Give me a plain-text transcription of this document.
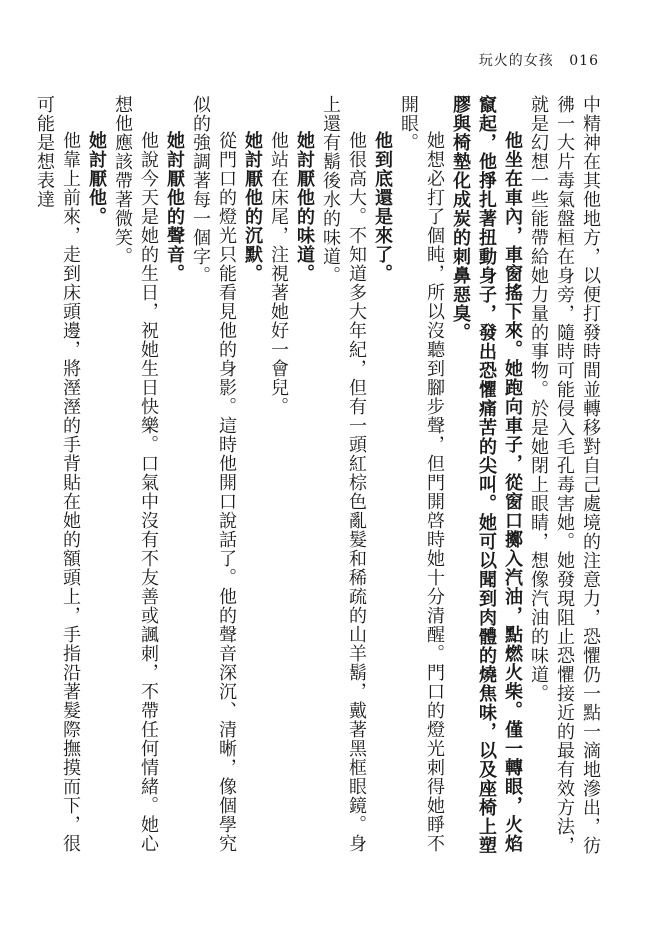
玩火的女孩 016

中精神在其他地方，以便打發時間並轉移對自己處境的注意力，恐懼仍一點一滴地滲出，彷彿一大片毒氣盤桓在身旁，隨時可能侵入毛孔毒害她。她發現阻止恐懼接近的最有效方法，就是幻想一些能帶給她力量的事物。於是她閉上眼睛，想像汽油的味道。

他坐在車內，車窗搖下來。她跑向車子，從窗口擲入汽油，點燃火柴。僅一轉眼，火焰竄起，他掙扎著扭動身子，發出恐懼痛苦的尖叫。她可以聞到肉體的燒焦味，以及座椅上塑膠與椅墊化成炭的刺鼻惡臭。

她想必打了個盹，所以沒聽到腳步聲，但門開啓時她十分清醒。門口的燈光刺得她睜不開眼。

他到底還是來了。

他很高大。不知道多大年紀，但有一頭紅棕色亂髮和稀疏的山羊鬍，戴著黑框眼鏡。身上還有鬍後水的味道。

她討厭他的味道。

他站在床尾，注視著她好一會兒。

她討厭他的沉默。

從門口的燈光只能看見他的身影。這時他開口說話了。他的聲音深沉、清晰，像個學究似的強調著每一個字。

她討厭他的聲音。

他說今天是她的生日，祝她生日快樂。口氣中沒有不友善或諷刺，不帶任何情緒。她心想他應該帶著微笑。

她討厭他。

他靠上前來，走到床頭邊，將溼溼的手背貼在她的額頭上，手指沿著髮際撫摸而下，很可能是想表達
